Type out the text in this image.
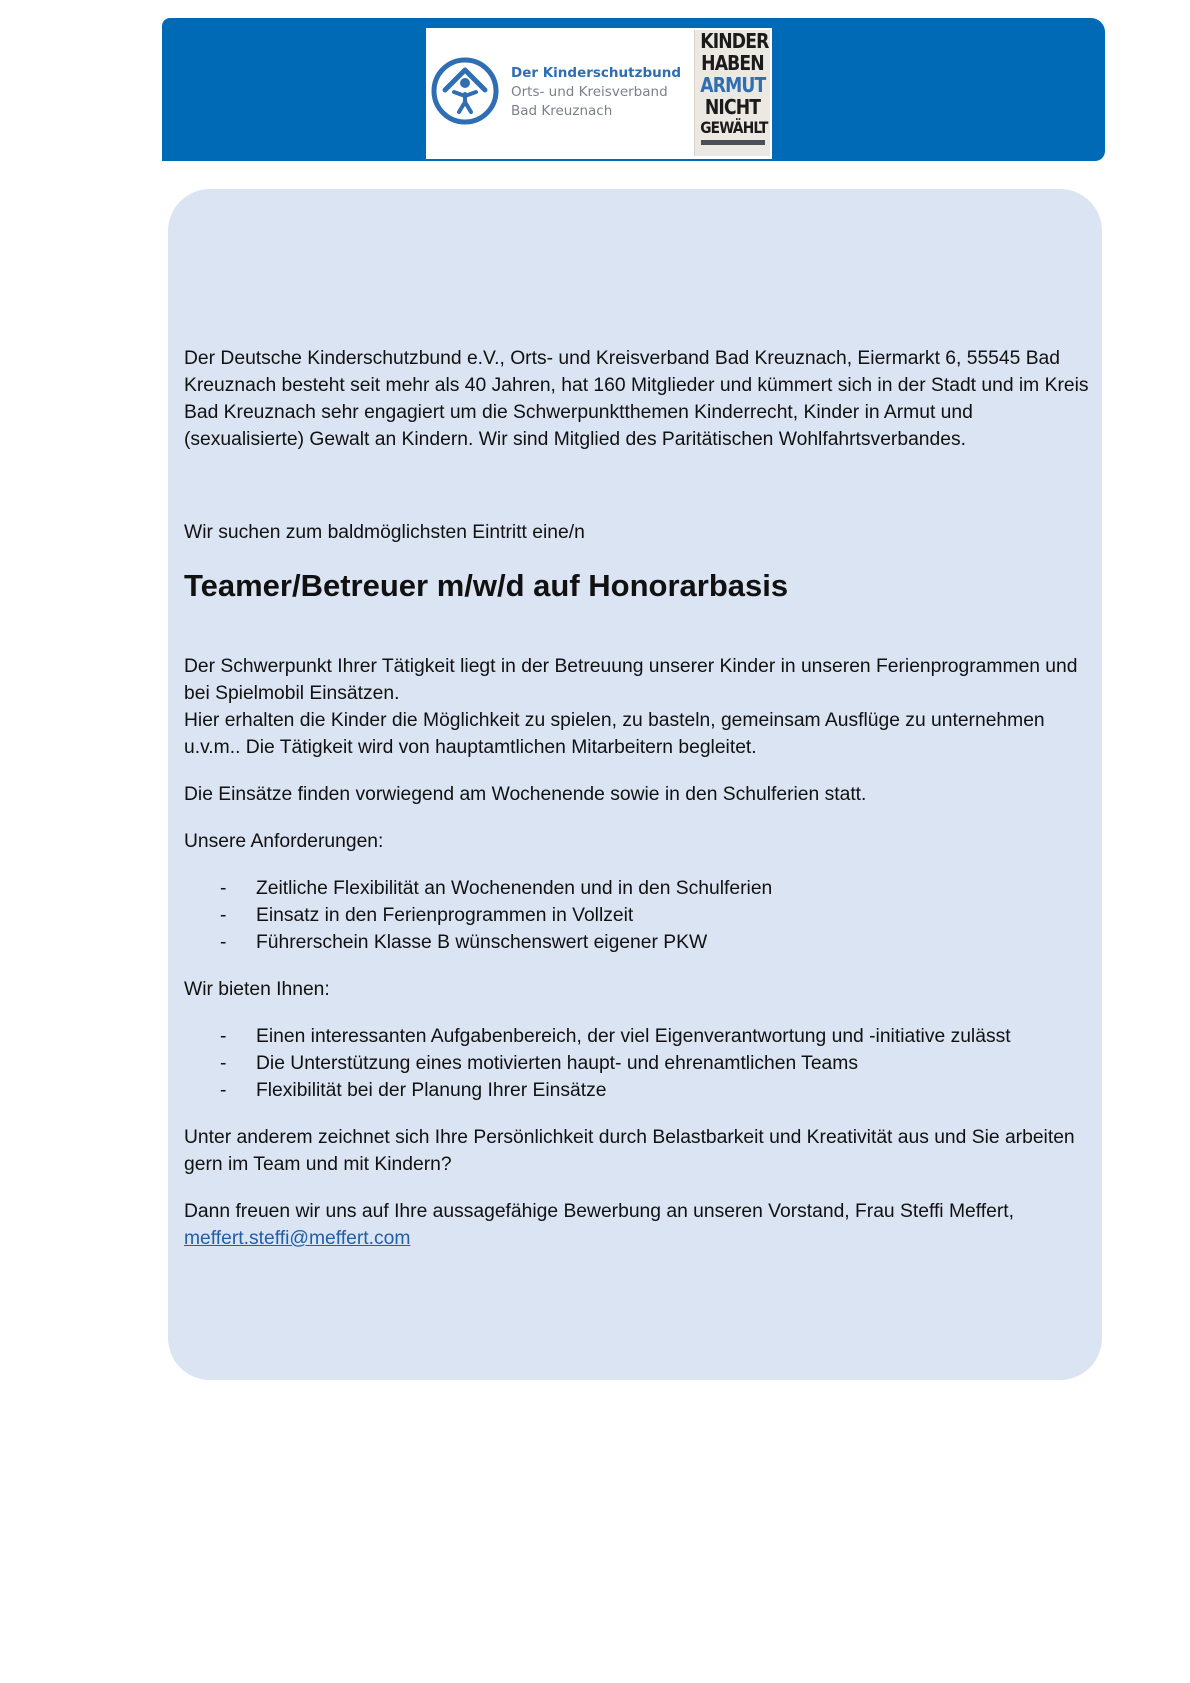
Der Kinderschutzbund
Orts- und Kreisverband
Bad Kreuznach
KINDER
HABEN
ARMUT
NICHT
GEWÄHLT

Der Deutsche Kinderschutzbund e.V., Orts- und Kreisverband Bad Kreuznach, Eiermarkt 6, 55545 Bad Kreuznach besteht seit mehr als 40 Jahren, hat 160 Mitglieder und kümmert sich in der Stadt und im Kreis Bad Kreuznach sehr engagiert um die Schwerpunktthemen Kinderrecht, Kinder in Armut und (sexualisierte) Gewalt an Kindern. Wir sind Mitglied des Paritätischen Wohlfahrtsverbandes.

Wir suchen zum baldmöglichsten Eintritt eine/n

Teamer/Betreuer m/w/d auf Honorarbasis

Der Schwerpunkt Ihrer Tätigkeit liegt in der Betreuung unserer Kinder in unseren Ferienprogrammen und bei Spielmobil Einsätzen.

Hier erhalten die Kinder die Möglichkeit zu spielen, zu basteln, gemeinsam Ausflüge zu unternehmen u.v.m.. Die Tätigkeit wird von hauptamtlichen Mitarbeitern begleitet.

Die Einsätze finden vorwiegend am Wochenende sowie in den Schulferien statt.

Unsere Anforderungen:

- Zeitliche Flexibilität an Wochenenden und in den Schulferien
- Einsatz in den Ferienprogrammen in Vollzeit
- Führerschein Klasse B wünschenswert eigener PKW

Wir bieten Ihnen:

- Einen interessanten Aufgabenbereich, der viel Eigenverantwortung und -initiative zulässt
- Die Unterstützung eines motivierten haupt- und ehrenamtlichen Teams
- Flexibilität bei der Planung Ihrer Einsätze

Unter anderem zeichnet sich Ihre Persönlichkeit durch Belastbarkeit und Kreativität aus und Sie arbeiten gern im Team und mit Kindern?

Dann freuen wir uns auf Ihre aussagefähige Bewerbung an unseren Vorstand, Frau Steffi Meffert,
meffert.steffi@meffert.com
